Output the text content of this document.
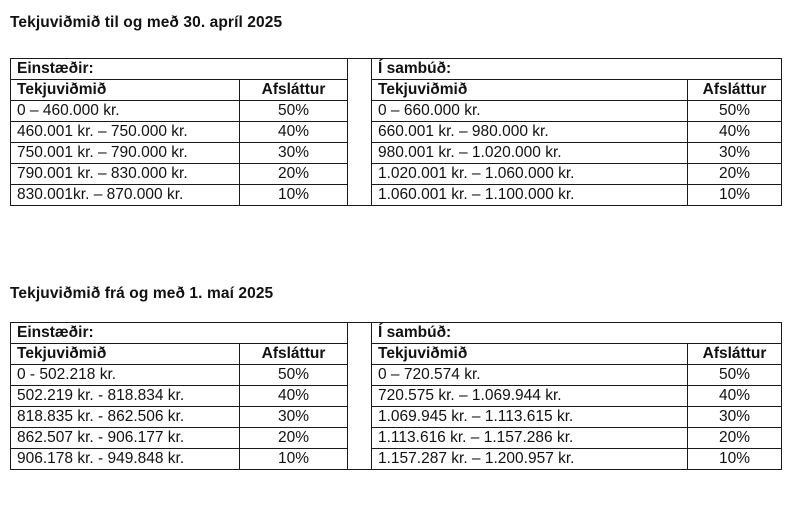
Tekjuviðmið til og með 30. apríl 2025
Einstæðir:			Í sambúð:	
Tekjuviðmið	Afsláttur		Tekjuviðmið	Afsláttur
0 – 460.000 kr.	50%		0 – 660.000 kr.	50%
460.001 kr. – 750.000 kr.	40%		660.001 kr. – 980.000 kr.	40%
750.001 kr. – 790.000 kr.	30%		980.001 kr. – 1.020.000 kr.	30%
790.001 kr. – 830.000 kr.	20%		1.020.001 kr. – 1.060.000 kr.	20%
830.001kr. – 870.000 kr.	10%		1.060.001 kr. – 1.100.000 kr.	10%
Tekjuviðmið frá og með 1. maí 2025
Einstæðir:			Í sambúð:	
Tekjuviðmið	Afsláttur		Tekjuviðmið	Afsláttur
0 - 502.218 kr.	50%		0 – 720.574 kr.	50%
502.219 kr. - 818.834 kr.	40%		720.575 kr. – 1.069.944 kr.	40%
818.835 kr. - 862.506 kr.	30%		1.069.945 kr. – 1.113.615 kr.	30%
862.507 kr. - 906.177 kr.	20%		1.113.616 kr. – 1.157.286 kr.	20%
906.178 kr. - 949.848 kr.	10%		1.157.287 kr. – 1.200.957 kr.	10%
